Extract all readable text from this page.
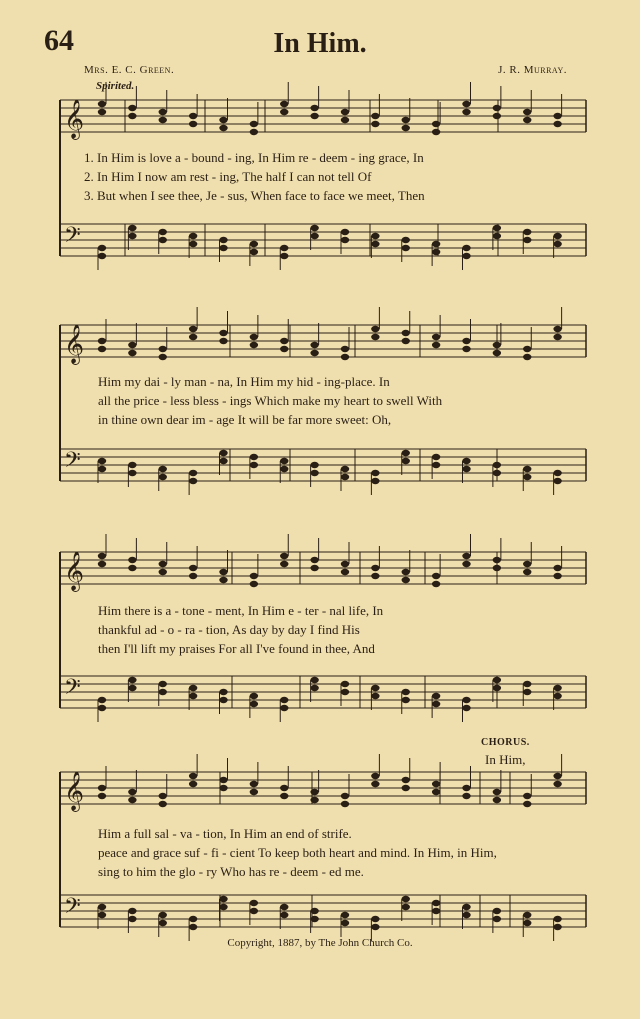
64	In Him.
Mrs. E. C. Green.	J. R. Murray.
Spirited.
𝄞
𝄢
𝄞
𝄢
𝄞
𝄢
𝄞
𝄢
1. In Him is love a - bound - ing, In Him re - deem - ing grace, In
2. In Him I now am rest - ing, The half I can not tell Of
3. But when I see thee, Je - sus, When face to face we meet, Then
Him my dai - ly man - na, In Him my hid - ing-place. In
all the price - less bless - ings Which make my heart to swell With
in thine own dear im - age It will be far more sweet: Oh,
Him there is a - tone - ment, In Him e - ter - nal life, In
thankful ad - o - ra - tion, As day by day I find His
then I'll lift my praises For all I've found in thee, And
Him a full sal - va - tion, In Him an end of strife.
peace and grace suf - fi - cient To keep both heart and mind. In Him, in Him,
sing to him the glo - ry Who has re - deem - ed me.
CHORUS.
In Him,
Copyright, 1887, by The John Church Co.
